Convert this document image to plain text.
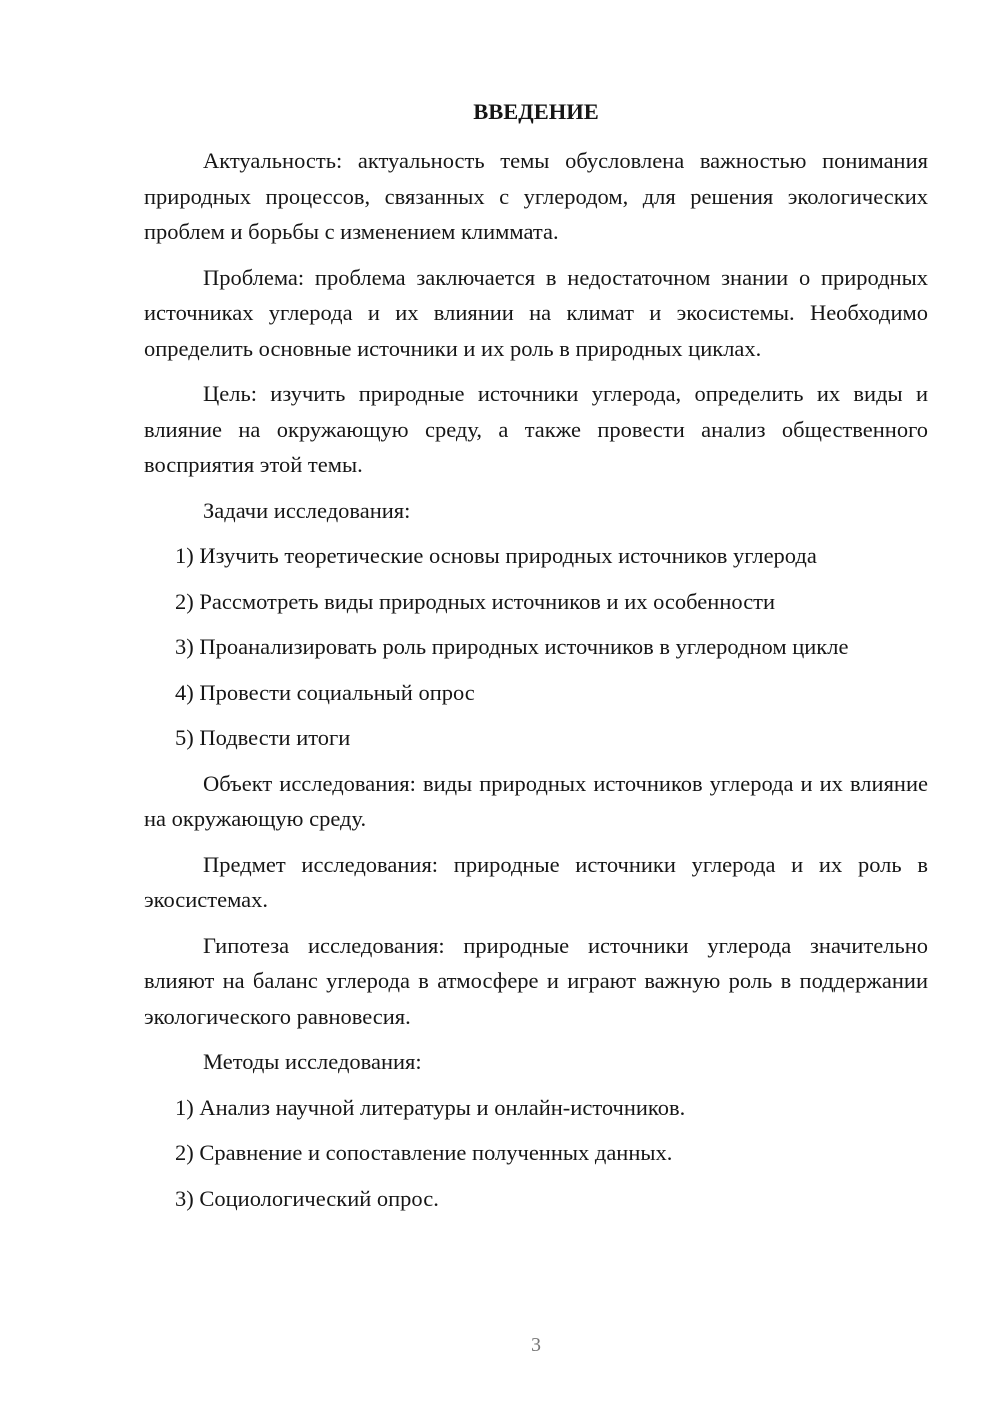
ВВЕДЕНИЕ

Актуальность: актуальность темы обусловлена важностью понимания природных процессов, связанных с углеродом, для решения экологических проблем и борьбы с изменением климмата.

Проблема: проблема заключается в недостаточном знании о природных источниках углерода и их влиянии на климат и экосистемы. Необходимо определить основные источники и их роль в природных циклах.

Цель: изучить природные источники углерода, определить их виды и влияние на окружающую среду, а также провести анализ общественного восприятия этой темы.

Задачи исследования:

1) Изучить теоретические основы природных источников углерода

2) Рассмотреть виды природных источников и их особенности

3) Проанализировать роль природных источников в углеродном цикле

4) Провести социальный опрос

5) Подвести итоги

Объект исследования: виды природных источников углерода и их влияние на окружающую среду.

Предмет исследования: природные источники углерода и их роль в экосистемах.

Гипотеза исследования: природные источники углерода значительно влияют на баланс углерода в атмосфере и играют важную роль в поддержании экологического равновесия.

Методы исследования:

1) Анализ научной литературы и онлайн-источников.

2) Сравнение и сопоставление полученных данных.

3) Социологический опрос.

3
